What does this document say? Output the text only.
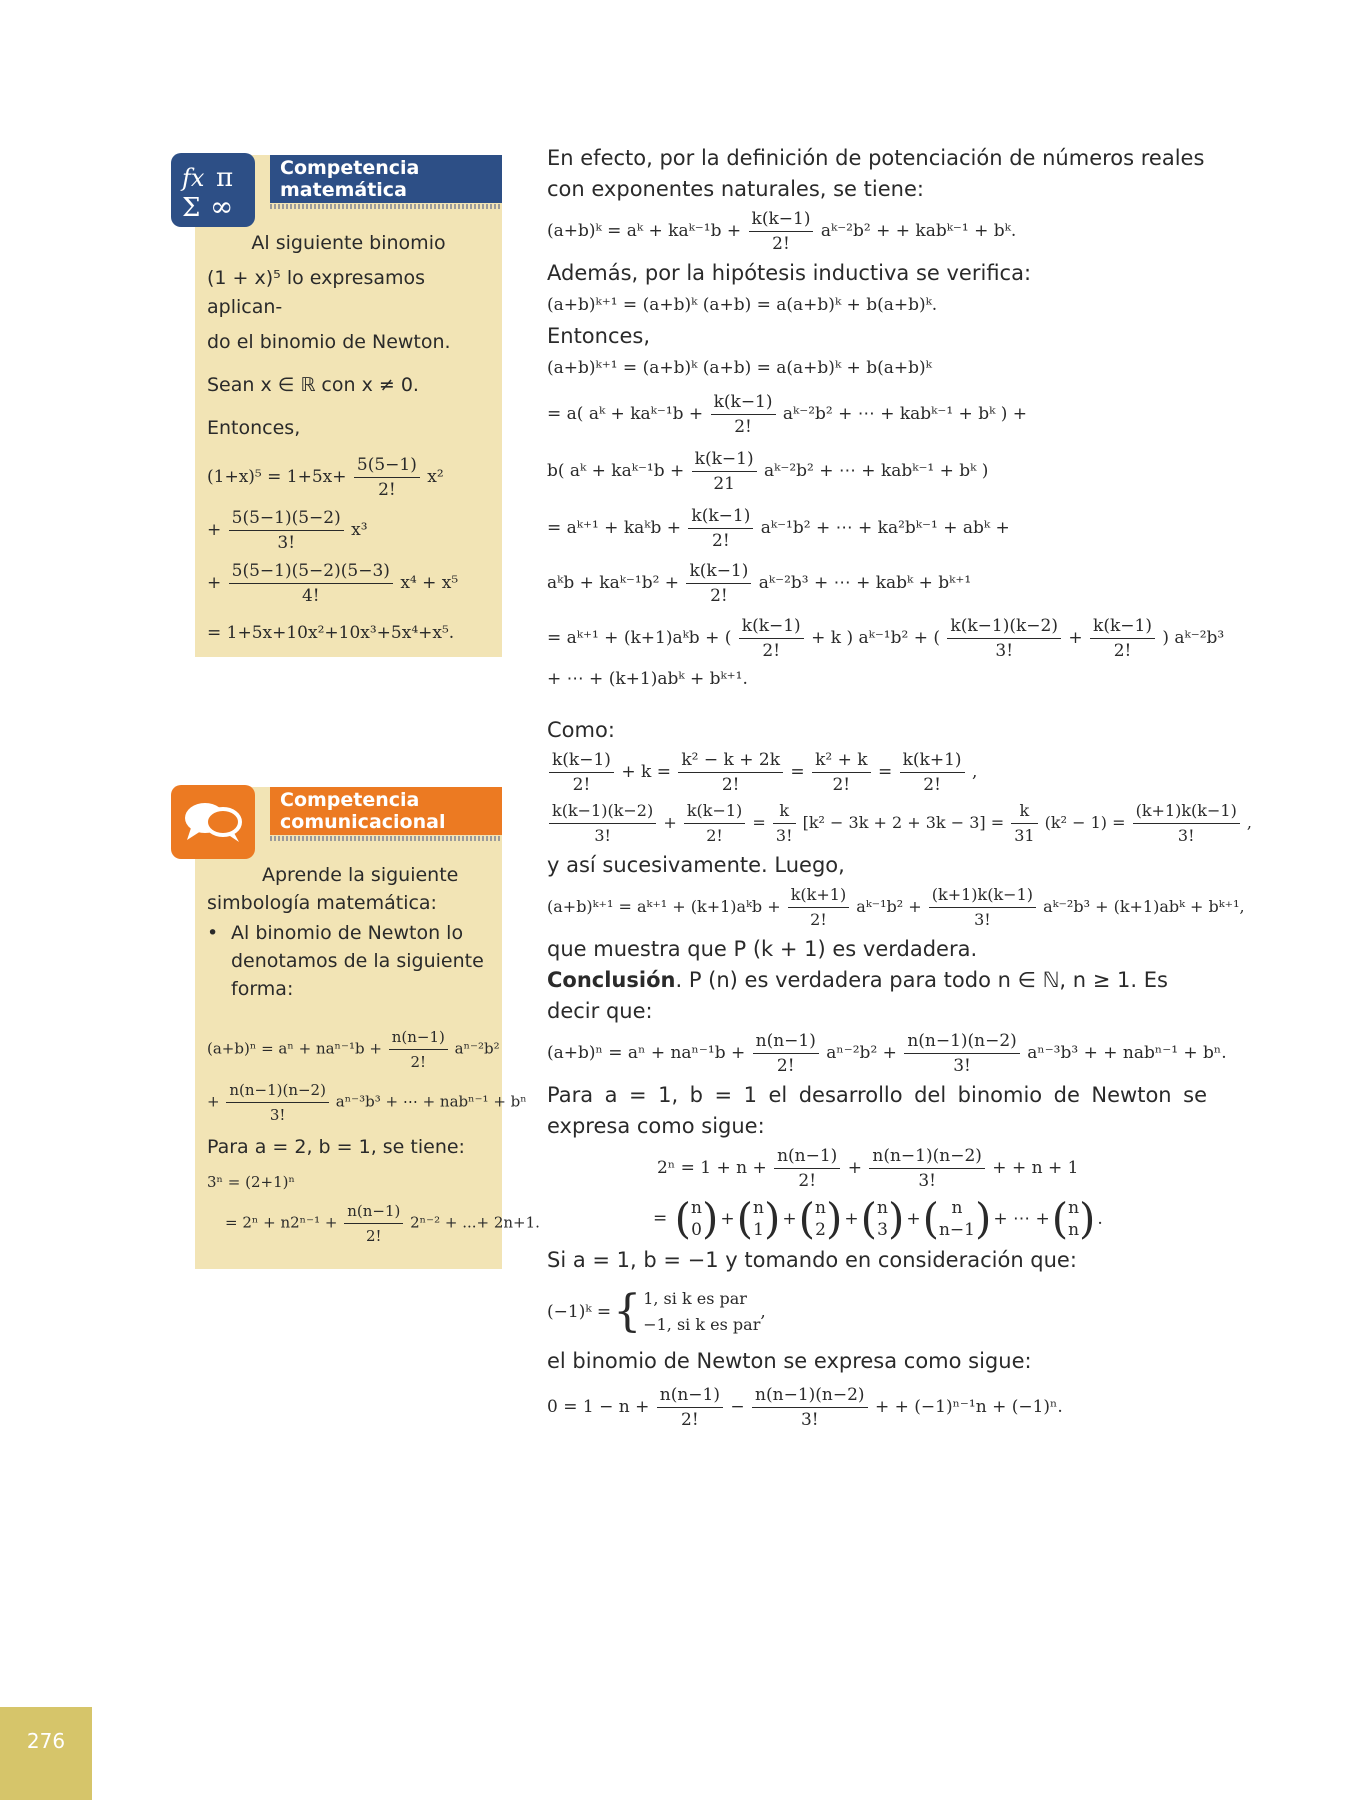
fx π
Σ ∞
Competencia
matemática
Al siguiente binomio
(1 + x)⁵ lo expresamos aplican-
do el binomio de Newton.
Sean x ∈ ℝ con x ≠ 0.
Entonces,
$(1+x)^5 = 1+5x+ \frac{5(5-1)}{2!} x^2$
+ $\frac{5(5-1)(5-2)}{3!} x^3$
+ $\frac{5(5-1)(5-2)(5-3)}{4!} x^4 + x^5$
= 1+5x+10x²+10x³+5x⁴+x⁵.
Competencia
comunicacional
Aprende la siguiente simbología matemática:
• Al binomio de Newton lo denotamos de la siguiente forma:
$(a+b)^n = a^n + na^{n-1}b + \frac{n(n-1)}{2!} a^{n-2}b^2$
+ $\frac{n(n-1)(n-2)}{3!} a^{n-3}b^3$ + ⋯ + nabⁿ⁻¹ + bⁿ
Para a = 2, b = 1, se tiene:
3ⁿ = (2+1)ⁿ
= $2^n + n2^{n-1} + \frac{n(n-1)}{2!} 2^{n-2}$ + ...+ 2n+1.

En efecto, por la definición de potenciación de números reales con exponentes naturales, se tiene:

(a+b)ᵏ = aᵏ + kaᵏ⁻¹b + $\frac{k(k-1)}{2!}$ aᵏ⁻²b² + + kabᵏ⁻¹ + bᵏ.

Además, por la hipótesis inductiva se verifica:

(a+b)ᵏ⁺¹ = (a+b)ᵏ (a+b) = a(a+b)ᵏ + b(a+b)ᵏ.

Entonces,

(a+b)ᵏ⁺¹ = (a+b)ᵏ (a+b) = a(a+b)ᵏ + b(a+b)ᵏ
= a( aᵏ + kaᵏ⁻¹b + $\frac{k(k-1)}{2!}$ aᵏ⁻²b² + ⋯ + kabᵏ⁻¹ + bᵏ ) +
b( aᵏ + kaᵏ⁻¹b + $\frac{k(k-1)}{21}$ aᵏ⁻²b² + ⋯ + kabᵏ⁻¹ + bᵏ )
= aᵏ⁺¹ + kaᵏb + $\frac{k(k-1)}{2!}$ aᵏ⁻¹b² + ⋯ + ka²bᵏ⁻¹ + abᵏ +
aᵏb + kaᵏ⁻¹b² + $\frac{k(k-1)}{2!}$ aᵏ⁻²b³ + ⋯ + kabᵏ + bᵏ⁺¹
= aᵏ⁺¹ + (k+1)aᵏb + ( $\frac{k(k-1)}{2!} + k$ ) aᵏ⁻¹b² + ( $\frac{k(k-1)(k-2)}{3!} + \frac{k(k-1)}{2!}$ ) aᵏ⁻²b³
+ ⋯ + (k+1)abᵏ + bᵏ⁺¹.

Como:

$\frac{k(k-1)}{2!} + k = \frac{\text{k² − k + 2k}}{2!} = \frac{\text{k² + k}}{2!} = \frac{k(k+1)}{2!}$ ,
$\frac{k(k-1)(k-2)}{3!} + \frac{k(k-1)}{2!} = \frac{k}{3!} [k^2 - 3k + 2 + 3k - 3] = \frac{k}{31} (k^2 - 1) = \frac{(k+1)k(k-1)}{3!}$ ,

y así sucesivamente. Luego,

(a+b)ᵏ⁺¹ = aᵏ⁺¹ + (k+1)aᵏb + $\frac{k(k+1)}{2!}$ aᵏ⁻¹b² + $\frac{(k+1)k(k-1)}{3!}$ aᵏ⁻²b³ + (k+1)abᵏ + bᵏ⁺¹,

que muestra que P (k + 1) es verdadera.

Conclusión. P (n) es verdadera para todo n ∈ ℕ, n ≥ 1. Es decir que:

$(a+b)^n = a^n + na^{n-1}b + \frac{n(n-1)}{2!} a^{n-2}b^2 + \frac{n(n-1)(n-2)}{3!} a^{n-3}b^3$ + + nabⁿ⁻¹ + bⁿ.

Para a = 1, b = 1 el desarrollo del binomio de Newton se expresa como sigue:

$2^n = 1 + n + \frac{n(n-1)}{2!} + \frac{n(n-1)(n-2)}{3!}$ + + n + 1
= ( n
0 ) + ( n
1 ) + ( n
2 ) + ( n
3 ) + ( n
n−1 ) + ⋯ + ( n
n ) .

Si a = 1, b = −1 y tomando en consideración que:

(−1)ᵏ = { 1, si k es par
−1, si k es par
,

el binomio de Newton se expresa como sigue:

$0 = 1 - n + \frac{n(n-1)}{2!} - \frac{n(n-1)(n-2)}{3!}$ + + (−1)ⁿ⁻¹n + (−1)ⁿ.
276
